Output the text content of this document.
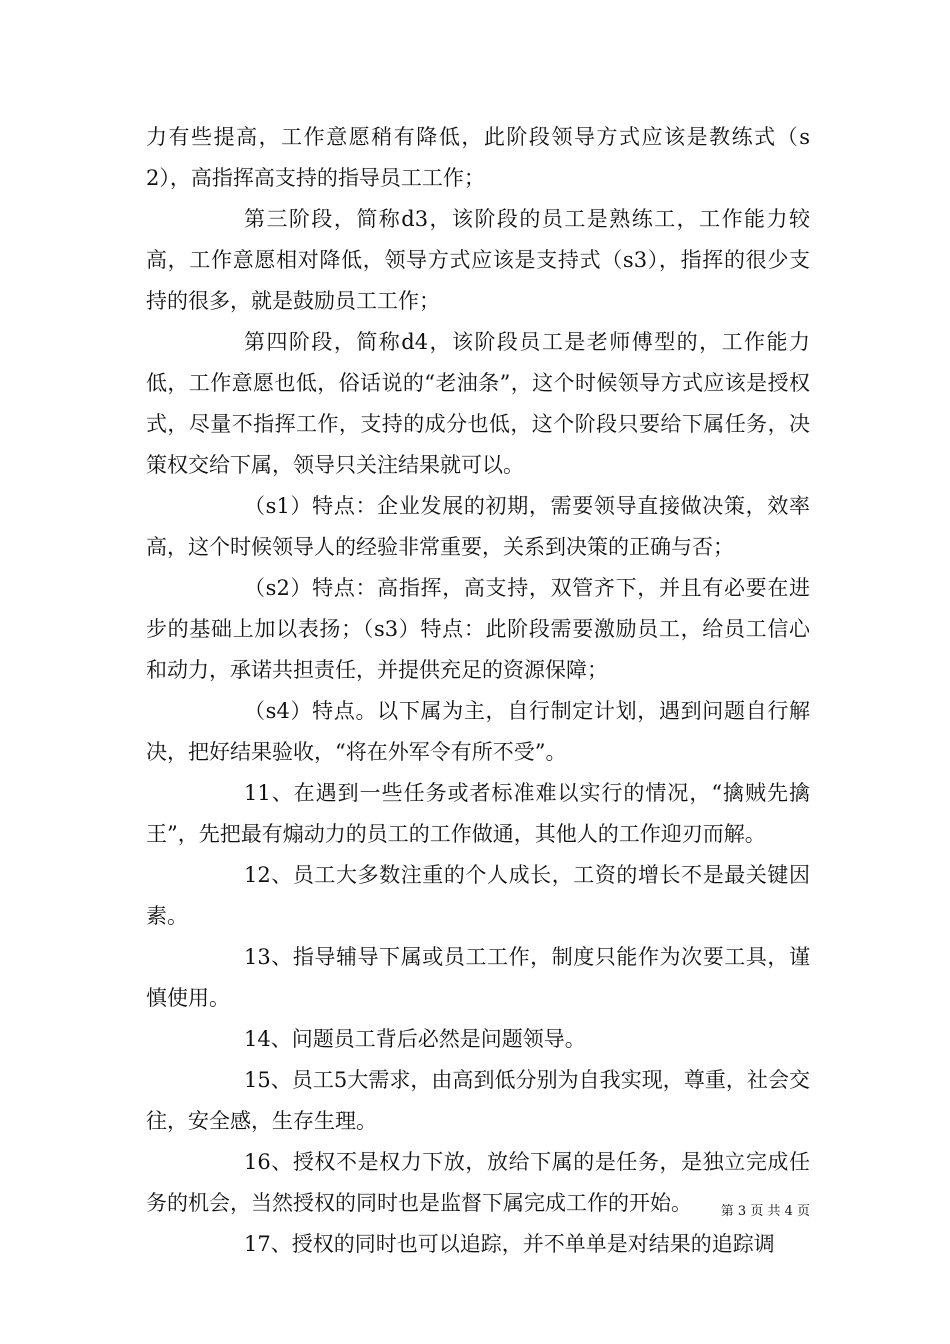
力有些提高，工作意愿稍有降低，此阶段领导方式应该是教练式（s2），高指挥高支持的指导员工工作；

第三阶段，简称d3，该阶段的员工是熟练工，工作能力较高，工作意愿相对降低，领导方式应该是支持式（s3），指挥的很少支持的很多，就是鼓励员工工作；

第四阶段，简称d4，该阶段员工是老师傅型的，工作能力低，工作意愿也低，俗话说的“老油条”，这个时候领导方式应该是授权式，尽量不指挥工作，支持的成分也低，这个阶段只要给下属任务，决策权交给下属，领导只关注结果就可以。

（s1）特点：企业发展的初期，需要领导直接做决策，效率高，这个时候领导人的经验非常重要，关系到决策的正确与否；

（s2）特点：高指挥，高支持，双管齐下，并且有必要在进步的基础上加以表扬；（s3）特点：此阶段需要激励员工，给员工信心和动力，承诺共担责任，并提供充足的资源保障；

（s4）特点。以下属为主，自行制定计划，遇到问题自行解决，把好结果验收，“将在外军令有所不受”。

11、在遇到一些任务或者标准难以实行的情况，“擒贼先擒王”，先把最有煽动力的员工的工作做通，其他人的工作迎刃而解。

12、员工大多数注重的个人成长，工资的增长不是最关键因素。

13、指导辅导下属或员工工作，制度只能作为次要工具，谨慎使用。

14、问题员工背后必然是问题领导。

15、员工5大需求，由高到低分别为自我实现，尊重，社会交往，安全感，生存生理。

16、授权不是权力下放，放给下属的是任务，是独立完成任务的机会，当然授权的同时也是监督下属完成工作的开始。

17、授权的同时也可以追踪，并不单单是对结果的追踪调

第 3 页 共 4 页
